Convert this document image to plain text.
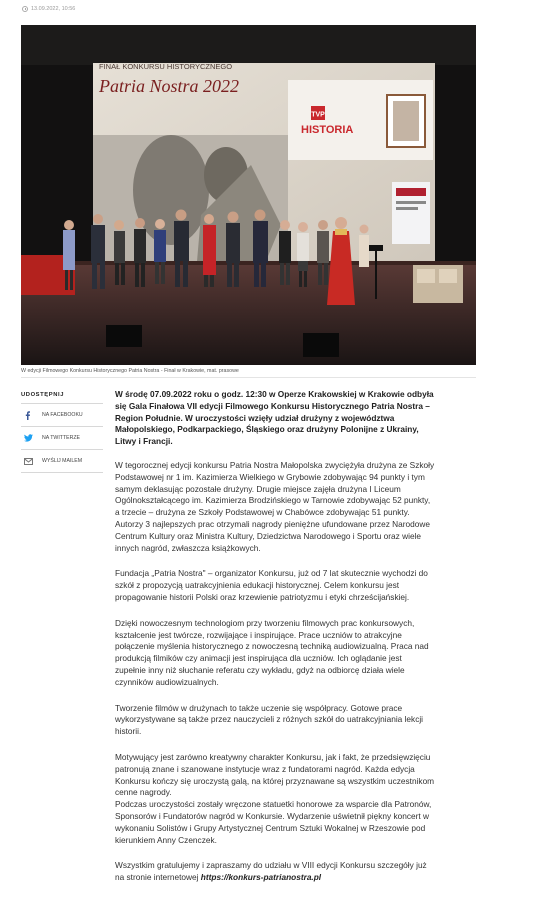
13.09.2022, 10:56
FINAŁ KONKURSU HISTORYCZNEGO
Patria Nostra 2022
TVP
HISTORIA
W edycji Filmowego Konkursu Historycznego Patria Nostra - Finał w Krakowie, mat. prasowe
UDOSTĘPNIJ
NA FACEBOOKU
NA TWITTERZE
WYŚLIJ MAILEM

W środę 07.09.2022 roku o godz. 12:30 w Operze Krakowskiej w Krakowie odbyła się Gala Finałowa VII edycji Filmowego Konkursu Historycznego Patria Nostra – Region Południe. W uroczystości wzięły udział drużyny z województwa Małopolskiego, Podkarpackiego, Śląskiego oraz drużyny Polonijne z Ukrainy, Litwy i Francji.

W tegorocznej edycji konkursu Patria Nostra Małopolska zwyciężyła drużyna ze Szkoły Podstawowej nr 1 im. Kazimierza Wielkiego w Grybowie zdobywając 94 punkty i tym samym deklasując pozostałe drużyny. Drugie miejsce zajęła drużyna I Liceum Ogólnokształcącego im. Kazimierza Brodzińskiego w Tarnowie zdobywając 52 punkty, a trzecie – drużyna ze Szkoły Podstawowej w Chabówce zdobywając 51 punkty. Autorzy 3 najlepszych prac otrzymali nagrody pieniężne ufundowane przez Narodowe Centrum Kultury oraz Ministra Kultury, Dziedzictwa Narodowego i Sportu oraz wiele innych nagród, zwłaszcza książkowych.

Fundacja „Patria Nostra" – organizator Konkursu, już od 7 lat skutecznie wychodzi do szkół z propozycją uatrakcyjnienia edukacji historycznej. Celem konkursu jest propagowanie historii Polski oraz krzewienie patriotyzmu i etyki chrześcijańskiej.

Dzięki nowoczesnym technologiom przy tworzeniu filmowych prac konkursowych, kształcenie jest twórcze, rozwijające i inspirujące. Prace uczniów to atrakcyjne połączenie myślenia historycznego z nowoczesną techniką audiowizualną. Praca nad produkcją filmików czy animacji jest inspirująca dla uczniów. Ich oglądanie jest zupełnie inny niż słuchanie referatu czy wykładu, gdyż na odbiorcę działa wiele czynników audiowizualnych.

Tworzenie filmów w drużynach to także uczenie się współpracy. Gotowe prace wykorzystywane są także przez nauczycieli z różnych szkół do uatrakcyjniania lekcji historii.

Motywujący jest zarówno kreatywny charakter Konkursu, jak i fakt, że przedsięwzięciu patronują znane i szanowane instytucje wraz z fundatorami nagród. Każda edycja Konkursu kończy się uroczystą galą, na której przyznawane są wszystkim uczestnikom cenne nagrody.

Podczas uroczystości zostały wręczone statuetki honorowe za wsparcie dla Patronów, Sponsorów i Fundatorów nagród w Konkursie. Wydarzenie uświetnił piękny koncert w wykonaniu Solistów i Grupy Artystycznej Centrum Sztuki Wokalnej w Rzeszowie pod kierunkiem Anny Czenczek.

Wszystkim gratulujemy i zapraszamy do udziału w VIII edycji Konkursu szczegóły już na stronie internetowej https://konkurs-patrianostra.pl
